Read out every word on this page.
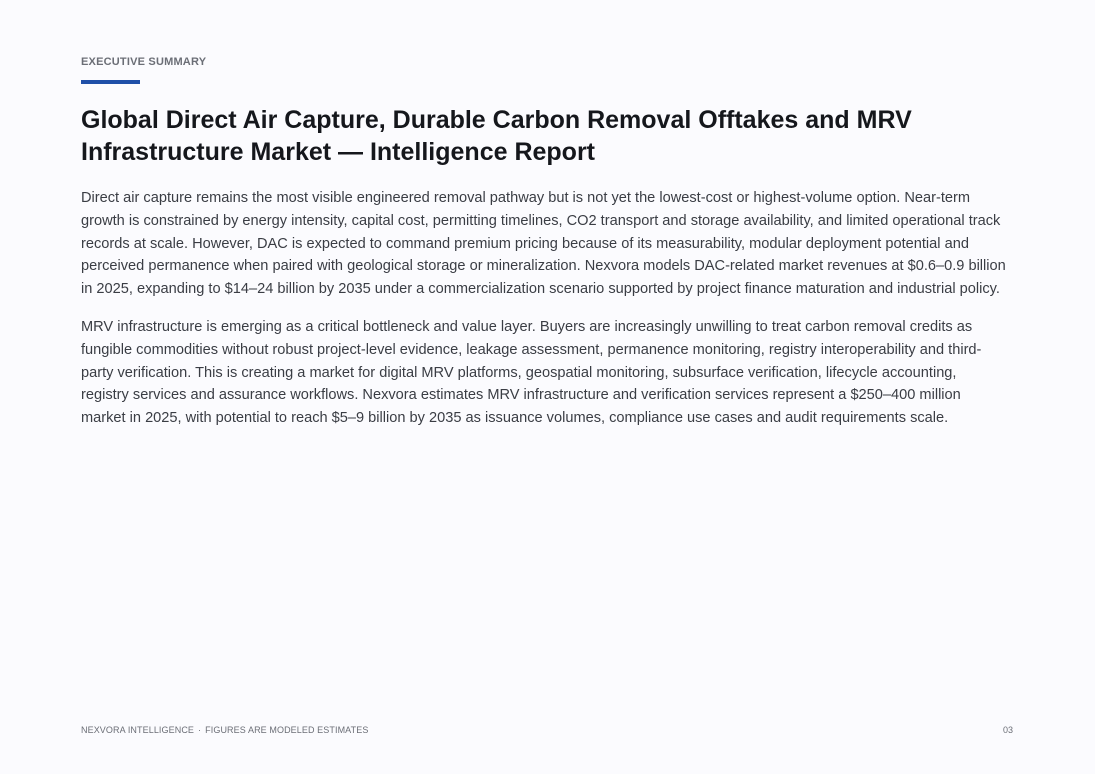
EXECUTIVE SUMMARY
Global Direct Air Capture, Durable Carbon Removal Offtakes and MRV Infrastructure Market — Intelligence Report

Direct air capture remains the most visible engineered removal pathway but is not yet the lowest-cost or highest-volume option. Near-term growth is constrained by energy intensity, capital cost, permitting timelines, CO2 transport and storage availability, and limited operational track records at scale. However, DAC is expected to command premium pricing because of its measurability, modular deployment potential and perceived permanence when paired with geological storage or mineralization. Nexvora models DAC-related market revenues at $0.6–0.9 billion in 2025, expanding to $14–24 billion by 2035 under a commercialization scenario supported by project finance maturation and industrial policy.

MRV infrastructure is emerging as a critical bottleneck and value layer. Buyers are increasingly unwilling to treat carbon removal credits as fungible commodities without robust project-level evidence, leakage assessment, permanence monitoring, registry interoperability and third-party verification. This is creating a market for digital MRV platforms, geospatial monitoring, subsurface verification, lifecycle accounting, registry services and assurance workflows. Nexvora estimates MRV infrastructure and verification services represent a $250–400 million market in 2025, with potential to reach $5–9 billion by 2035 as issuance volumes, compliance use cases and audit requirements scale.

NEXVORA INTELLIGENCE · FIGURES ARE MODELED ESTIMATES	03
